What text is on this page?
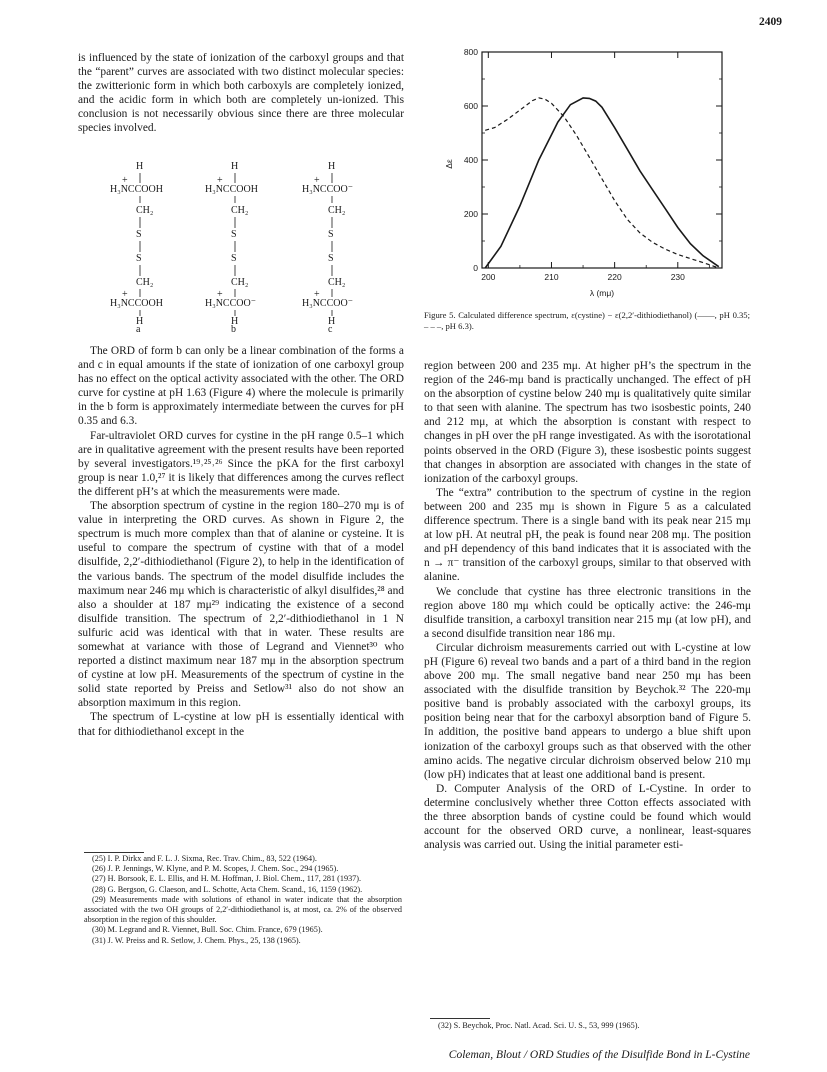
2409

is influenced by the state of ionization of the carboxyl groups and that the “parent” curves are associated with two distinct molecular species: the zwitterionic form in which both carboxyls are completely ionized, and the acidic form in which both are completely un-ionized. This conclusion is not necessarily obvious since there are three molecular species involved.

H
H₃NCCOOH
CH₂
S
S
CH₂
H₃NCCOOH
H
a
+
+
H
H₃NCCOOH
CH₂
S
S
CH₂
H₃NCCOO⁻
H
b
+
+
H
H₃NCCOO⁻
CH₂
S
S
CH₂
H₃NCCOO⁻
H
c
+
+

The ORD of form b can only be a linear combination of the forms a and c in equal amounts if the state of ionization of one carboxyl group has no effect on the optical activity associated with the other. The ORD curve for cystine at pH 1.63 (Figure 4) where the molecule is primarily in the b form is approximately intermediate between the curves for pH 0.35 and 6.3.

Far-ultraviolet ORD curves for cystine in the pH range 0.5–1 which are in qualitative agreement with the present results have been reported by several investigators.¹⁹˒²⁵˒²⁶ Since the pKA for the first carboxyl group is near 1.0,²⁷ it is likely that differences among the curves reflect the different pH’s at which the measurements were made.

The absorption spectrum of cystine in the region 180–270 mμ is of value in interpreting the ORD curves. As shown in Figure 2, the spectrum is much more complex than that of alanine or cysteine. It is useful to compare the spectrum of cystine with that of a model disulfide, 2,2′-dithiodiethanol (Figure 2), to help in the identification of the various bands. The spectrum of the model disulfide includes the maximum near 246 mμ which is characteristic of alkyl disulfides,²⁸ and also a shoulder at 187 mμ²⁹ indicating the existence of a second disulfide transition. The spectrum of 2,2′-dithiodiethanol in 1 N sulfuric acid was identical with that in water. These results are somewhat at variance with those of Legrand and Viennet³⁰ who reported a distinct maximum near 187 mμ in the absorption spectrum of cystine at low pH. Measurements of the spectrum of cystine in the solid state reported by Preiss and Setlow³¹ also do not show an absorption maximum in this region.

The spectrum of L-cystine at low pH is essentially identical with that for dithiodiethanol except in the

(25) I. P. Dirkx and F. L. J. Sixma, Rec. Trav. Chim., 83, 522 (1964).

(26) J. P. Jennings, W. Klyne, and P. M. Scopes, J. Chem. Soc., 294 (1965).

(27) H. Borsook, E. L. Ellis, and H. M. Hoffman, J. Biol. Chem., 117, 281 (1937).

(28) G. Bergson, G. Claeson, and L. Schotte, Acta Chem. Scand., 16, 1159 (1962).

(29) Measurements made with solutions of ethanol in water indicate that the absorption associated with the two OH groups of 2,2′-dithiodiethanol is, at most, ca. 2% of the observed absorption in the region of this shoulder.

(30) M. Legrand and R. Viennet, Bull. Soc. Chim. France, 679 (1965).

(31) J. W. Preiss and R. Setlow, J. Chem. Phys., 25, 138 (1965).

0
200
400
600
800
200	210	220	230
λ (mμ)
Δε
Figure 5. Calculated difference spectrum, ε(cystine) − ε(2,2′-dithiodiethanol) (——, pH 0.35; – – –, pH 6.3).

region between 200 and 235 mμ. At higher pH’s the spectrum in the region of the 246-mμ band is practically unchanged. The effect of pH on the absorption of cystine below 240 mμ is qualitatively quite similar to that seen with alanine. The spectrum has two isosbestic points, 240 and 212 mμ, at which the absorption is constant with respect to changes in pH over the pH range investigated. As with the isorotational points observed in the ORD (Figure 3), these isosbestic points suggest that changes in absorption are associated with changes in the state of ionization of the carboxyl groups.

The “extra” contribution to the spectrum of cystine in the region between 200 and 235 mμ is shown in Figure 5 as a calculated difference spectrum. There is a single band with its peak near 215 mμ at low pH. At neutral pH, the peak is found near 208 mμ. The position and pH dependency of this band indicates that it is associated with the n → π⁻ transition of the carboxyl groups, similar to that observed with alanine.

We conclude that cystine has three electronic transitions in the region above 180 mμ which could be optically active: the 246-mμ disulfide transition, a carboxyl transition near 215 mμ (at low pH), and a second disulfide transition near 186 mμ.

Circular dichroism measurements carried out with L-cystine at low pH (Figure 6) reveal two bands and a part of a third band in the region above 200 mμ. The small negative band near 250 mμ has been associated with the disulfide transition by Beychok.³² The 220-mμ positive band is probably associated with the carboxyl groups, its position being near that for the carboxyl absorption band of Figure 5. In addition, the positive band appears to undergo a blue shift upon ionization of the carboxyl groups such as that observed with the other amino acids. The negative circular dichroism observed below 210 mμ (low pH) indicates that at least one additional band is present.

D. Computer Analysis of the ORD of L-Cystine. In order to determine conclusively whether three Cotton effects associated with the three absorption bands of cystine could be found which would account for the observed ORD curve, a nonlinear, least-squares analysis was carried out. Using the initial parameter esti-

(32) S. Beychok, Proc. Natl. Acad. Sci. U. S., 53, 999 (1965).

Coleman, Blout / ORD Studies of the Disulfide Bond in L-Cystine
